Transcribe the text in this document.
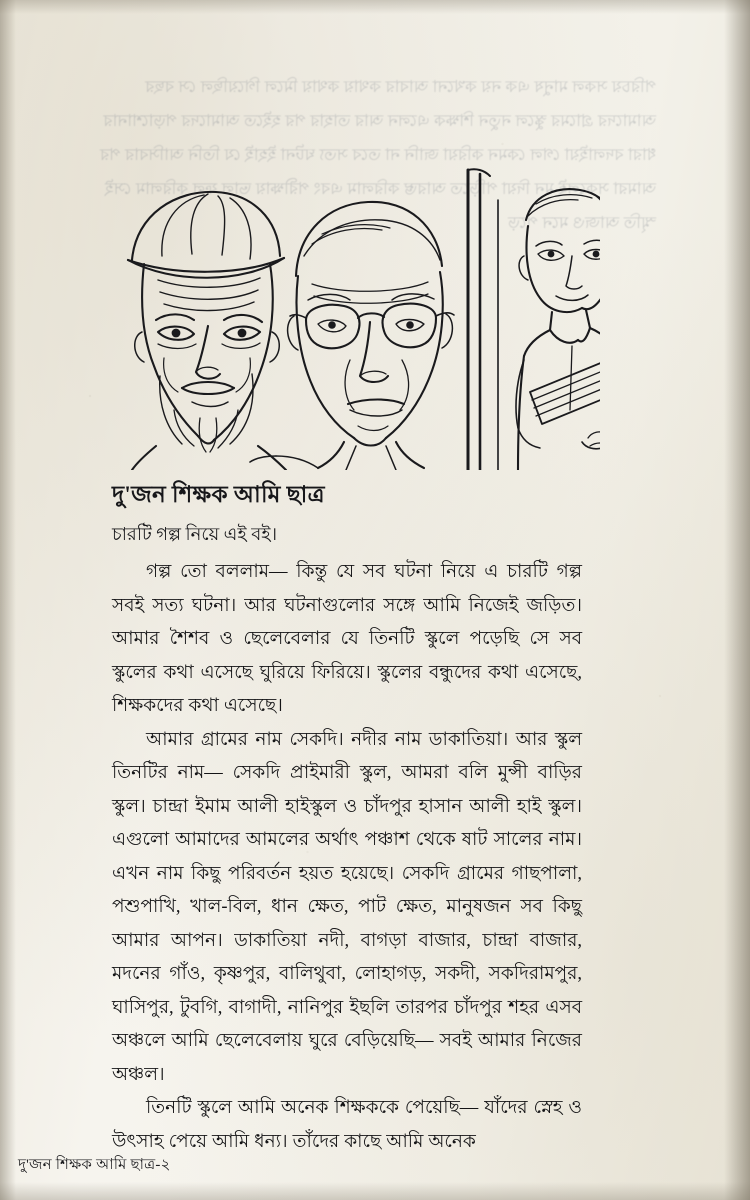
পরিচয় সকল মানুষ এক নয় কখনো আবার কথায় কথায় মিলে গিয়েছিল সে বছর আমাদের গ্রামের স্কুলে নতুন শিক্ষক এলেন আর তাহার পর হইতে আমাদের পড়াশোনার ধারা বদলাইয়া গেল কেমন করিয়া জানি না তবে সত্য ঘটনা ইহাই যে তিনি আসিবার পর আমরা সকলেই মন দিয়া পড়িতে আরম্ভ করিলাম এবং পরীক্ষায় ভাল ফল করিলাম সেই স্মৃতি আজও মনে পড়ে
দু'জন শিক্ষক আমি ছাত্র

চারটি গল্প নিয়ে এই বই।

গল্প তো বললাম— কিন্তু যে সব ঘটনা নিয়ে এ চারটি গল্প সবই সত্য ঘটনা। আর ঘটনাগুলোর সঙ্গে আমি নিজেই জড়িত। আমার শৈশব ও ছেলেবেলার যে তিনটি স্কুলে পড়েছি সে সব স্কুলের কথা এসেছে ঘুরিয়ে ফিরিয়ে। স্কুলের বন্ধুদের কথা এসেছে, শিক্ষকদের কথা এসেছে।

আমার গ্রামের নাম সেকদি। নদীর নাম ডাকাতিয়া। আর স্কুল তিনটির নাম— সেকদি প্রাইমারী স্কুল, আমরা বলি মুন্সী বাড়ির স্কুল। চান্দ্রা ইমাম আলী হাইস্কুল ও চাঁদপুর হাসান আলী হাই স্কুল। এগুলো আমাদের আমলের অর্থাৎ পঞ্চাশ থেকে ষাট সালের নাম। এখন নাম কিছু পরিবর্তন হয়ত হয়েছে। সেকদি গ্রামের গাছপালা, পশুপাখি, খাল-বিল, ধান ক্ষেত, পাট ক্ষেত, মানুষজন সব কিছু আমার আপন। ডাকাতিয়া নদী, বাগড়া বাজার, চান্দ্রা বাজার, মদনের গাঁও, কৃষ্ণপুর, বালিথুবা, লোহাগড়, সকদী, সকদিরামপুর, ঘাসিপুর, টুবগি, বাগাদী, নানিপুর ইছলি তারপর চাঁদপুর শহর এসব অঞ্চলে আমি ছেলেবেলায় ঘুরে বেড়িয়েছি— সবই আমার নিজের অঞ্চল।

তিনটি স্কুলে আমি অনেক শিক্ষককে পেয়েছি— যাঁদের স্নেহ ও উৎসাহ পেয়ে আমি ধন্য। তাঁদের কাছে আমি অনেক

দু'জন শিক্ষক আমি ছাত্র-২
